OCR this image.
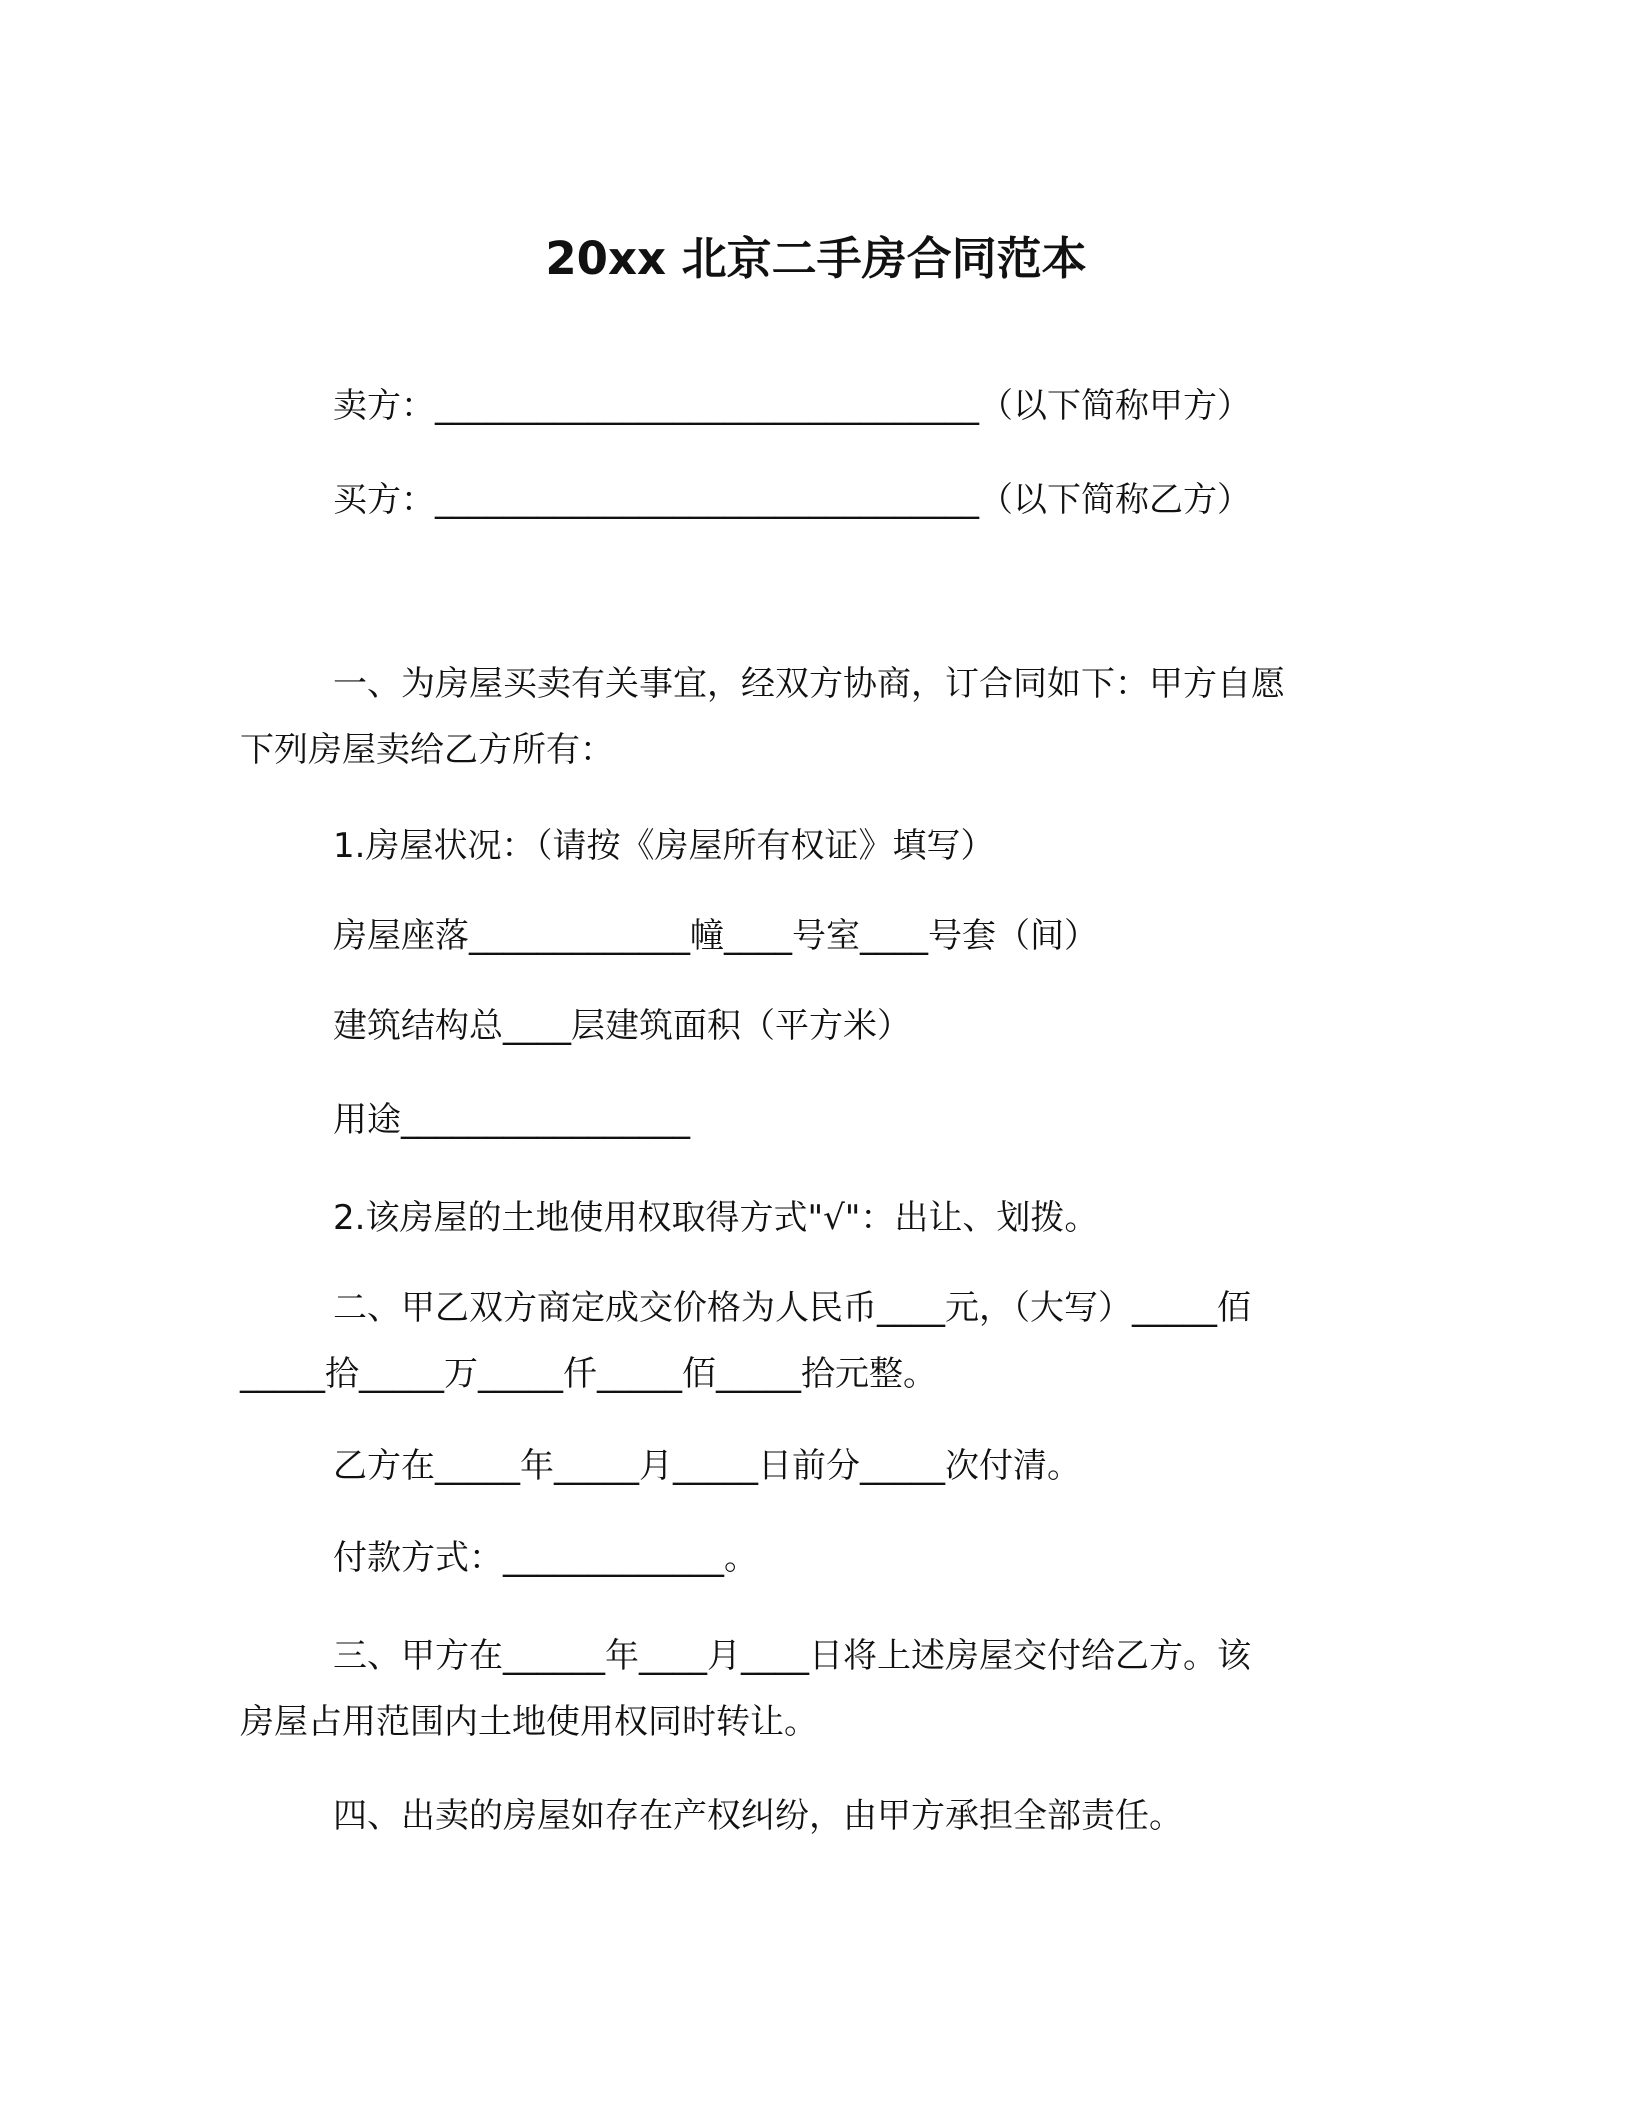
20xx 北京二手房合同范本
卖方：________________________________（以下简称甲方）
买方：________________________________（以下简称乙方）
一、为房屋买卖有关事宜，经双方协商，订合同如下：甲方自愿
下列房屋卖给乙方所有：
1.房屋状况：（请按《房屋所有权证》填写）
房屋座落_____________幢____号室____号套（间）
建筑结构总____层建筑面积（平方米）
用途_________________
2.该房屋的土地使用权取得方式"√"：出让、划拨。
二、甲乙双方商定成交价格为人民币____元，（大写）_____佰
_____拾_____万_____仟_____佰_____拾元整。
乙方在_____年_____月_____日前分_____次付清。
付款方式：_____________。
三、甲方在______年____月____日将上述房屋交付给乙方。该
房屋占用范围内土地使用权同时转让。
四、出卖的房屋如存在产权纠纷，由甲方承担全部责任。
